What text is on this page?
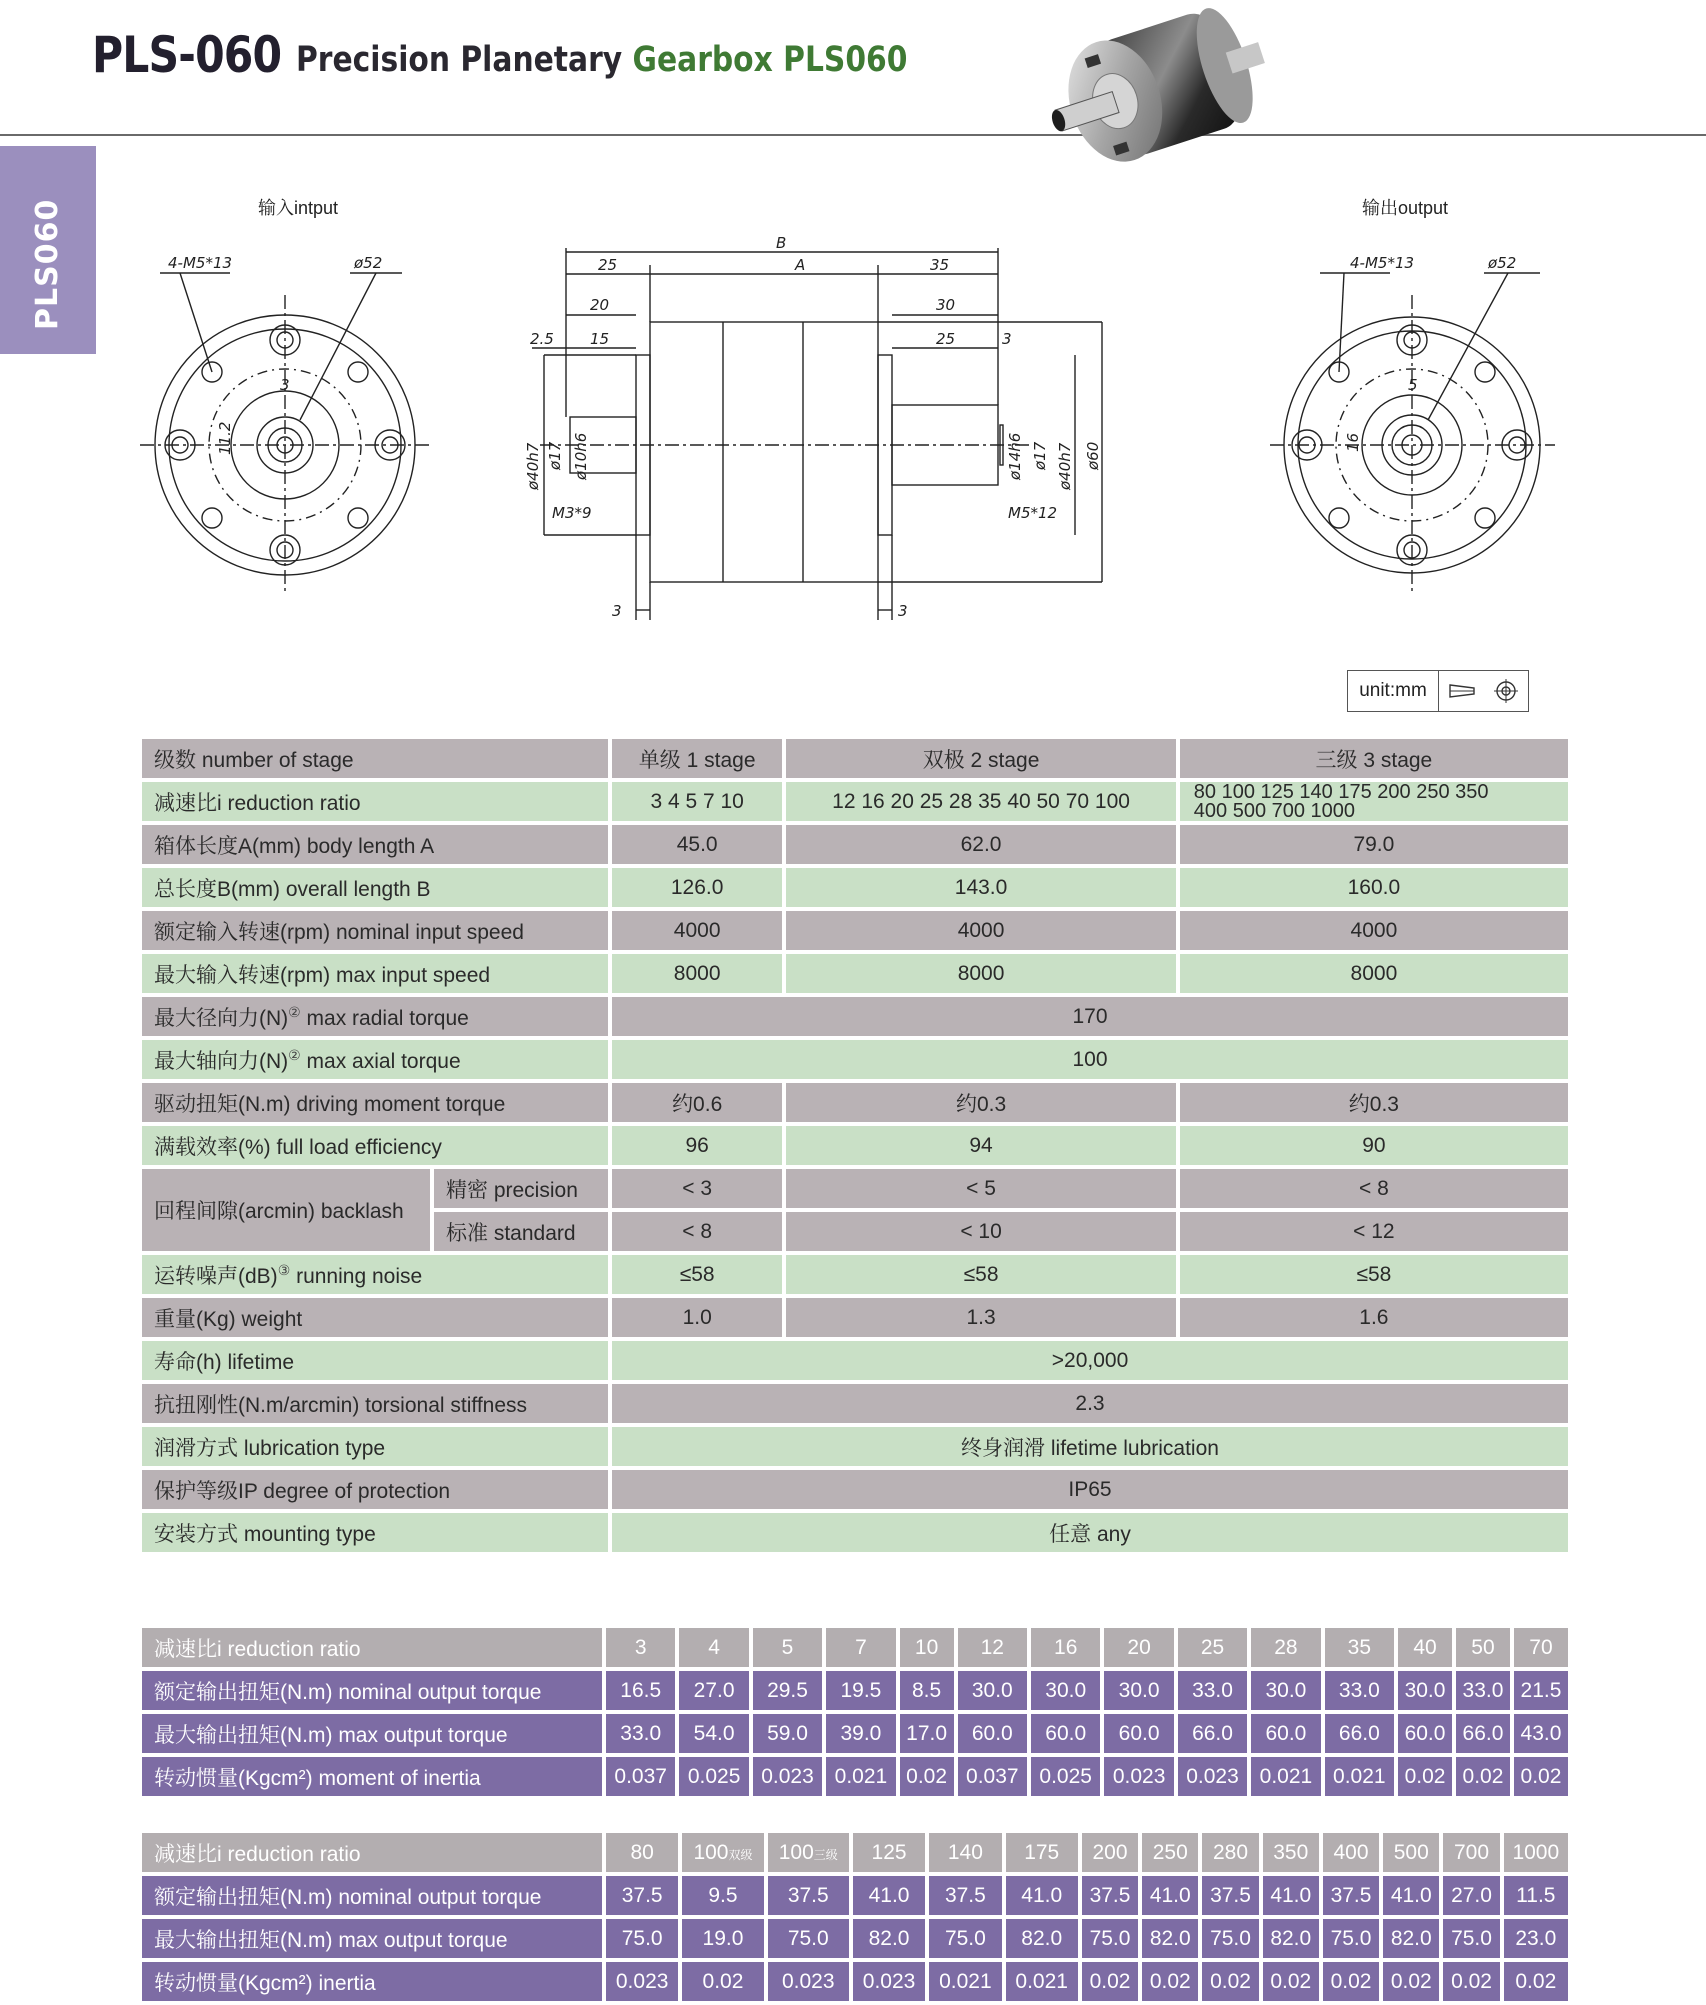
PLS-060 Precision Planetary Gearbox PLS060
PLS060	输入intput
4-M5*13	ø52
3
11.2
B
A
25	35
20	30
2.5 15	25	3
3	3
ø40h7 ø17 ø10h6
M3*9
ø14h6 ø17 ø40h7 ø60
M5*12
输出output
4-M5*13	ø52
5
16
unit:mm
级数 number of stage		单级 1 stage	双极 2 stage	三级 3 stage
减速比i reduction ratio		3 4 5 7 10	12 16 20 25 28 35 40 50 70 100	80 100 125 140 175 200 250 350
400 500 700 1000

箱体长度A(mm) body length A		45.0	62.0	79.0
总长度B(mm) overall length B		126.0	143.0	160.0
额定输入转速(rpm) nominal input speed		4000	4000	4000
最大输入转速(rpm) max input speed		8000	8000	8000
最大径向力(N)② max radial torque		170		
最大轴向力(N)② max axial torque		100		
驱动扭矩(N.m) driving moment torque		约0.6	约0.3	约0.3
满载效率(%) full load efficiency		96	94	90
回程间隙(arcmin) backlash	精密 precision	< 3	< 5	< 8
	标准 standard	< 8	< 10	< 12
运转噪声(dB)③ running noise		≤58	≤58	≤58
重量(Kg) weight		1.0	1.3	1.6
寿命(h) lifetime		>20,000		
抗扭刚性(N.m/arcmin) torsional stiffness		2.3		
润滑方式 lubrication type		终身润滑 lifetime lubrication		
保护等级IP degree of protection		IP65		
安装方式 mounting type		任意 any		
减速比i reduction ratio	3	4	5	7	10	12	16	20	25	28	35	40	50	70
额定输出扭矩(N.m) nominal output torque	16.5	27.0	29.5	19.5	8.5	30.0	30.0	30.0	33.0	30.0	33.0	30.0	33.0	21.5
最大输出扭矩(N.m) max output torque	33.0	54.0	59.0	39.0	17.0	60.0	60.0	60.0	66.0	60.0	66.0	60.0	66.0	43.0
转动惯量(Kgcm²) moment of inertia	0.037	0.025	0.023	0.021	0.02	0.037	0.025	0.023	0.023	0.021	0.021	0.02	0.02	0.02
减速比i reduction ratio	80	100双级	100三级	125	140	175	200	250	280	350	400	500	700	1000
额定输出扭矩(N.m) nominal output torque	37.5	9.5	37.5	41.0	37.5	41.0	37.5	41.0	37.5	41.0	37.5	41.0	27.0	11.5
最大输出扭矩(N.m) max output torque	75.0	19.0	75.0	82.0	75.0	82.0	75.0	82.0	75.0	82.0	75.0	82.0	75.0	23.0
转动惯量(Kgcm²) inertia	0.023	0.02	0.023	0.023	0.021	0.021	0.02	0.02	0.02	0.02	0.02	0.02	0.02	0.02
